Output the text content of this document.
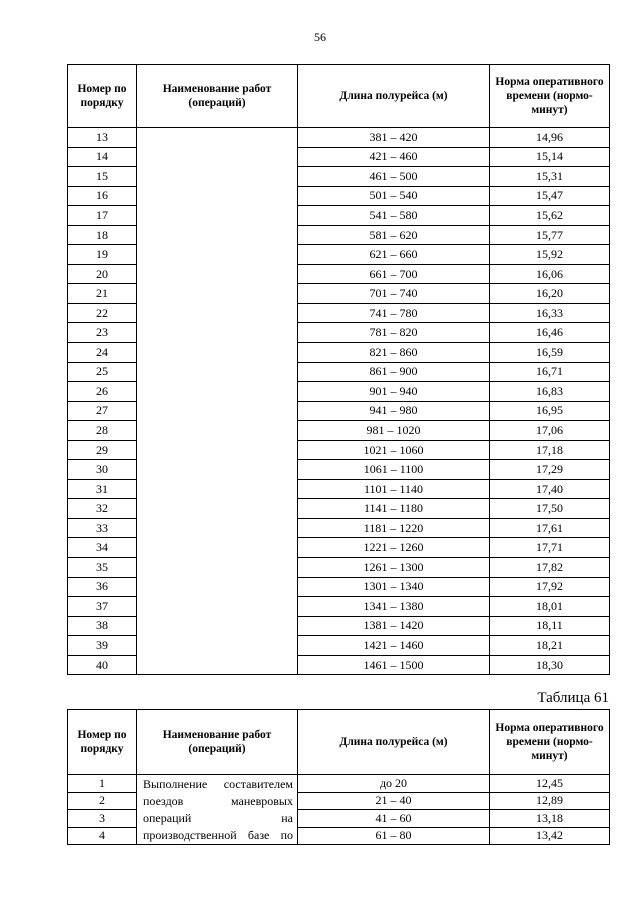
56
Номер по порядку	Наименование работ (операций)	Длина полурейса (м)	Норма оперативного времени (нормо-минут)
13		381 – 420	14,96
14		421 – 460	15,14
15		461 – 500	15,31
16		501 – 540	15,47
17		541 – 580	15,62
18		581 – 620	15,77
19		621 – 660	15,92
20		661 – 700	16,06
21		701 – 740	16,20
22		741 – 780	16,33
23		781 – 820	16,46
24		821 – 860	16,59
25		861 – 900	16,71
26		901 – 940	16,83
27		941 – 980	16,95
28		981 – 1020	17,06
29		1021 – 1060	17,18
30		1061 – 1100	17,29
31		1101 – 1140	17,40
32		1141 – 1180	17,50
33		1181 – 1220	17,61
34		1221 – 1260	17,71
35		1261 – 1300	17,82
36		1301 – 1340	17,92
37		1341 – 1380	18,01
38		1381 – 1420	18,11
39		1421 – 1460	18,21
40		1461 – 1500	18,30
Таблица 61
Номер по порядку	Наименование работ (операций)	Длина полурейса (м)	Норма оперативного времени (нормо-минут)
1	Выполнение составителем
поездов маневровых
операций на
производственной базе по	до 20	12,45
2		21 – 40	12,89
3		41 – 60	13,18
4		61 – 80	13,42
